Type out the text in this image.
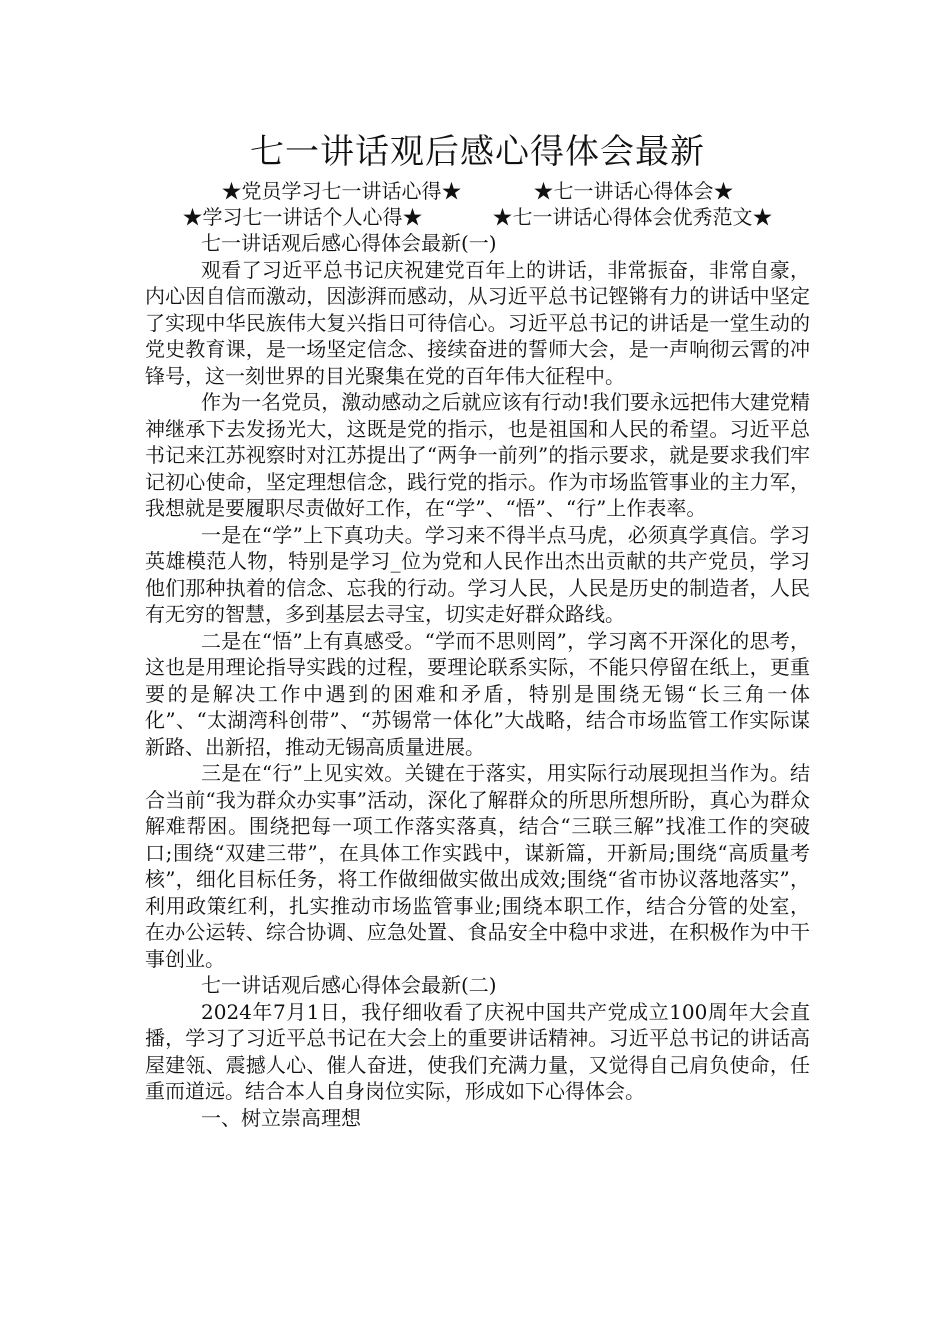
七一讲话观后感心得体会最新
★党员学习七一讲话心得★	★七一讲话心得体会★
★学习七一讲话个人心得★	★七一讲话心得体会优秀范文★

七一讲话观后感心得体会最新(一)

观看了习近平总书记庆祝建党百年上的讲话，非常振奋，非常自豪，内心因自信而激动，因澎湃而感动，从习近平总书记铿锵有力的讲话中坚定了实现中华民族伟大复兴指日可待信心。习近平总书记的讲话是一堂生动的党史教育课，是一场坚定信念、接续奋进的誓师大会，是一声响彻云霄的冲锋号，这一刻世界的目光聚集在党的百年伟大征程中。

作为一名党员，激动感动之后就应该有行动!我们要永远把伟大建党精神继承下去发扬光大，这既是党的指示，也是祖国和人民的希望。习近平总书记来江苏视察时对江苏提出了“两争一前列”的指示要求，就是要求我们牢记初心使命，坚定理想信念，践行党的指示。作为市场监管事业的主力军，我想就是要履职尽责做好工作，在“学”、“悟”、“行”上作表率。

一是在“学”上下真功夫。学习来不得半点马虎，必须真学真信。学习英雄模范人物，特别是学习_位为党和人民作出杰出贡献的共产党员，学习他们那种执着的信念、忘我的行动。学习人民，人民是历史的制造者，人民有无穷的智慧，多到基层去寻宝，切实走好群众路线。

二是在“悟”上有真感受。“学而不思则罔”，学习离不开深化的思考，这也是用理论指导实践的过程，要理论联系实际，不能只停留在纸上，更重要的是解决工作中遇到的困难和矛盾，特别是围绕无锡“长三角一体化”、“太湖湾科创带”、“苏锡常一体化”大战略，结合市场监管工作实际谋新路、出新招，推动无锡高质量进展。

三是在“行”上见实效。关键在于落实，用实际行动展现担当作为。结合当前“我为群众办实事”活动，深化了解群众的所思所想所盼，真心为群众解难帮困。围绕把每一项工作落实落真，结合“三联三解”找准工作的突破口;围绕“双建三带”，在具体工作实践中，谋新篇，开新局;围绕“高质量考核”，细化目标任务，将工作做细做实做出成效;围绕“省市协议落地落实”，利用政策红利，扎实推动市场监管事业;围绕本职工作，结合分管的处室，在办公运转、综合协调、应急处置、食品安全中稳中求进，在积极作为中干事创业。

七一讲话观后感心得体会最新(二)

2024年7月1日，我仔细收看了庆祝中国共产党成立100周年大会直播，学习了习近平总书记在大会上的重要讲话精神。习近平总书记的讲话高屋建瓴、震撼人心、催人奋进，使我们充满力量，又觉得自己肩负使命，任重而道远。结合本人自身岗位实际，形成如下心得体会。

一、树立崇高理想
